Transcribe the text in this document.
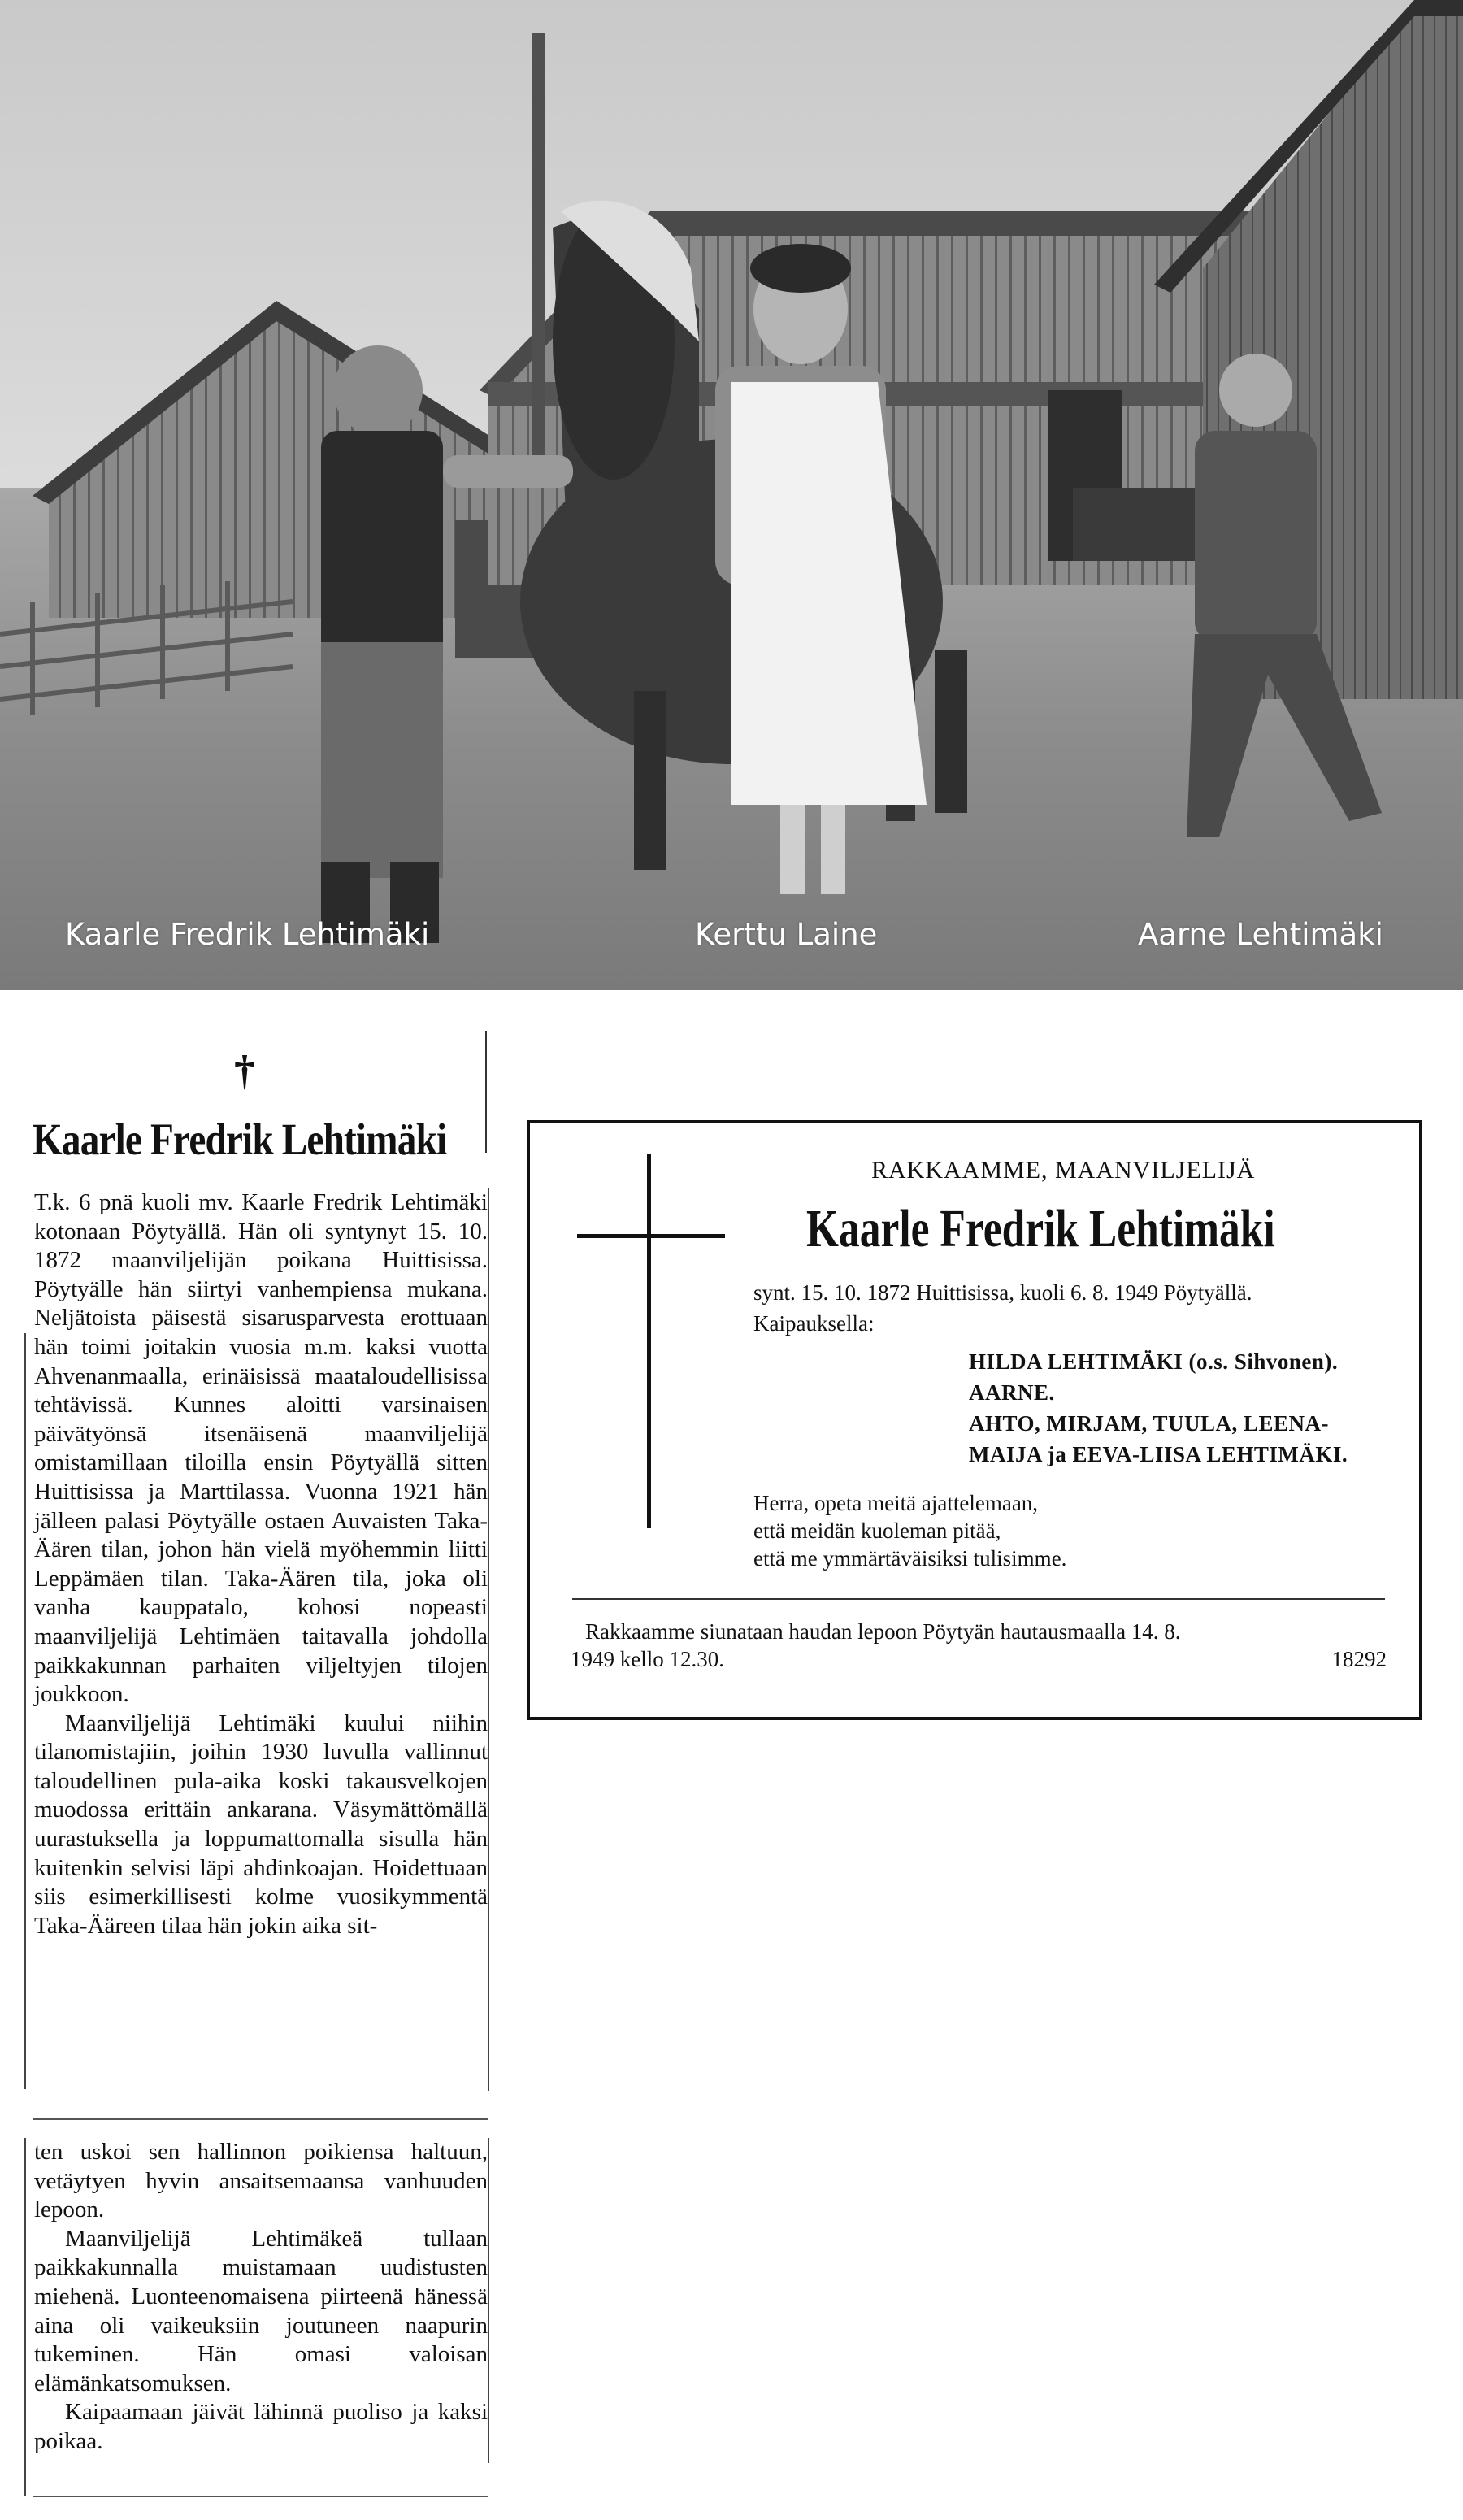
Kaarle Fredrik Lehtimäki	Kerttu Laine	Aarne Lehtimäki
†
Kaarle Fredrik Lehtimäki

T.k. 6 pnä kuoli mv. Kaarle Fredrik Lehtimäki kotonaan Pöytyällä. Hän oli syntynyt 15. 10. 1872 maanviljelijän poikana Huittisissa. Pöytyälle hän siirtyi vanhempiensa mukana. Neljätoista päisestä sisarusparvesta erottuaan hän toimi joitakin vuosia m.m. kaksi vuotta Ahvenanmaalla, erinäisissä maataloudellisissa tehtävissä. Kunnes aloitti varsinaisen päivätyönsä itsenäisenä maanviljelijä omistamillaan tiloilla ensin Pöytyällä sitten Huittisissa ja Marttilassa. Vuonna 1921 hän jälleen palasi Pöytyälle ostaen Auvaisten Taka-Äären tilan, johon hän vielä myöhemmin liitti Leppämäen tilan. Taka-Äären tila, joka oli vanha kauppatalo, kohosi nopeasti maanviljelijä Lehtimäen taitavalla johdolla paikkakunnan parhaiten viljeltyjen tilojen joukkoon.

Maanviljelijä Lehtimäki kuului niihin tilanomistajiin, joihin 1930 luvulla vallinnut taloudellinen pula-aika koski takausvelkojen muodossa erittäin ankarana. Väsymättömällä uurastuksella ja loppumattomalla sisulla hän kuitenkin selvisi läpi ahdinkoajan. Hoidettuaan siis esimerkillisesti kolme vuosikymmentä Taka-Ääreen tilaa hän jokin aika sit-

ten uskoi sen hallinnon poikiensa haltuun, vetäytyen hyvin ansaitsemaansa vanhuuden lepoon.

Maanviljelijä Lehtimäkeä tullaan paikkakunnalla muistamaan uudistusten miehenä. Luonteenomaisena piirteenä hänessä aina oli vaikeuksiin joutuneen naapurin tukeminen. Hän omasi valoisan elämänkatsomuksen.

Kaipaamaan jäivät lähinnä puoliso ja kaksi poikaa.

RAKKAAMME, MAANVILJELIJÄ
Kaarle Fredrik Lehtimäki
synt. 15. 10. 1872 Huittisissa, kuoli 6. 8. 1949 Pöytyällä.
Kaipauksella:
HILDA LEHTIMÄKI (o.s. Sihvonen).
AARNE.
AHTO, MIRJAM, TUULA, LEENA-
MAIJA ja EEVA-LIISA LEHTIMÄKI.
Herra, opeta meitä ajattelemaan,
että meidän kuoleman pitää,
että me ymmärtäväisiksi tulisimme.
Rakkaamme siunataan haudan lepoon Pöytyän hautausmaalla 14. 8.
1949 kello 12.30.	18292
